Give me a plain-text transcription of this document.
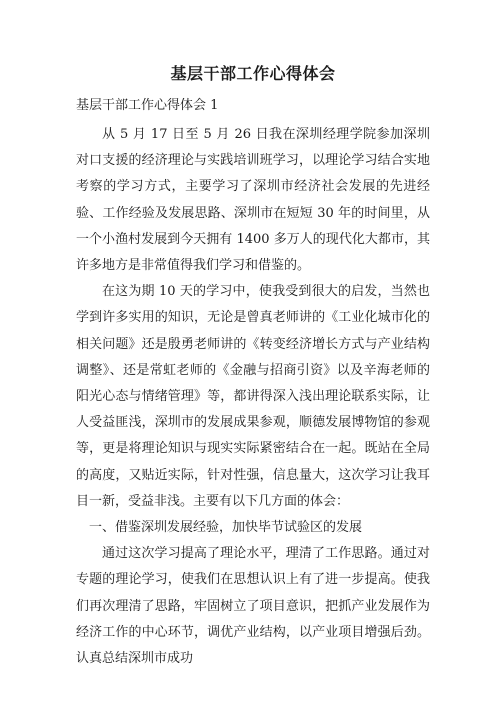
基层干部工作心得体会
基层干部工作心得体会 1

从 5 月 17 日至 5 月 26 日我在深圳经理学院参加深圳对口支援的经济理论与实践培训班学习，以理论学习结合实地考察的学习方式，主要学习了深圳市经济社会发展的先进经验、工作经验及发展思路、深圳市在短短 30 年的时间里，从一个小渔村发展到今天拥有 1400 多万人的现代化大都市，其许多地方是非常值得我们学习和借鉴的。

在这为期 10 天的学习中，使我受到很大的启发，当然也学到许多实用的知识，无论是曾真老师讲的《工业化城市化的相关问题》还是殷勇老师讲的《转变经济增长方式与产业结构调整》、还是常虹老师的《金融与招商引资》以及辛海老师的阳光心态与情绪管理》等，都讲得深入浅出理论联系实际，让人受益匪浅，深圳市的发展成果参观，顺德发展博物馆的参观等，更是将理论知识与现实实际紧密结合在一起。既站在全局的高度，又贴近实际，针对性强，信息量大，这次学习让我耳目一新，受益非浅。主要有以下几方面的体会：

一、借鉴深圳发展经验，加快毕节试验区的发展

通过这次学习提高了理论水平，理清了工作思路。通过对专题的理论学习，使我们在思想认识上有了进一步提高。使我们再次理清了思路，牢固树立了项目意识，把抓产业发展作为经济工作的中心环节，调优产业结构，以产业项目增强后劲。认真总结深圳市成功
